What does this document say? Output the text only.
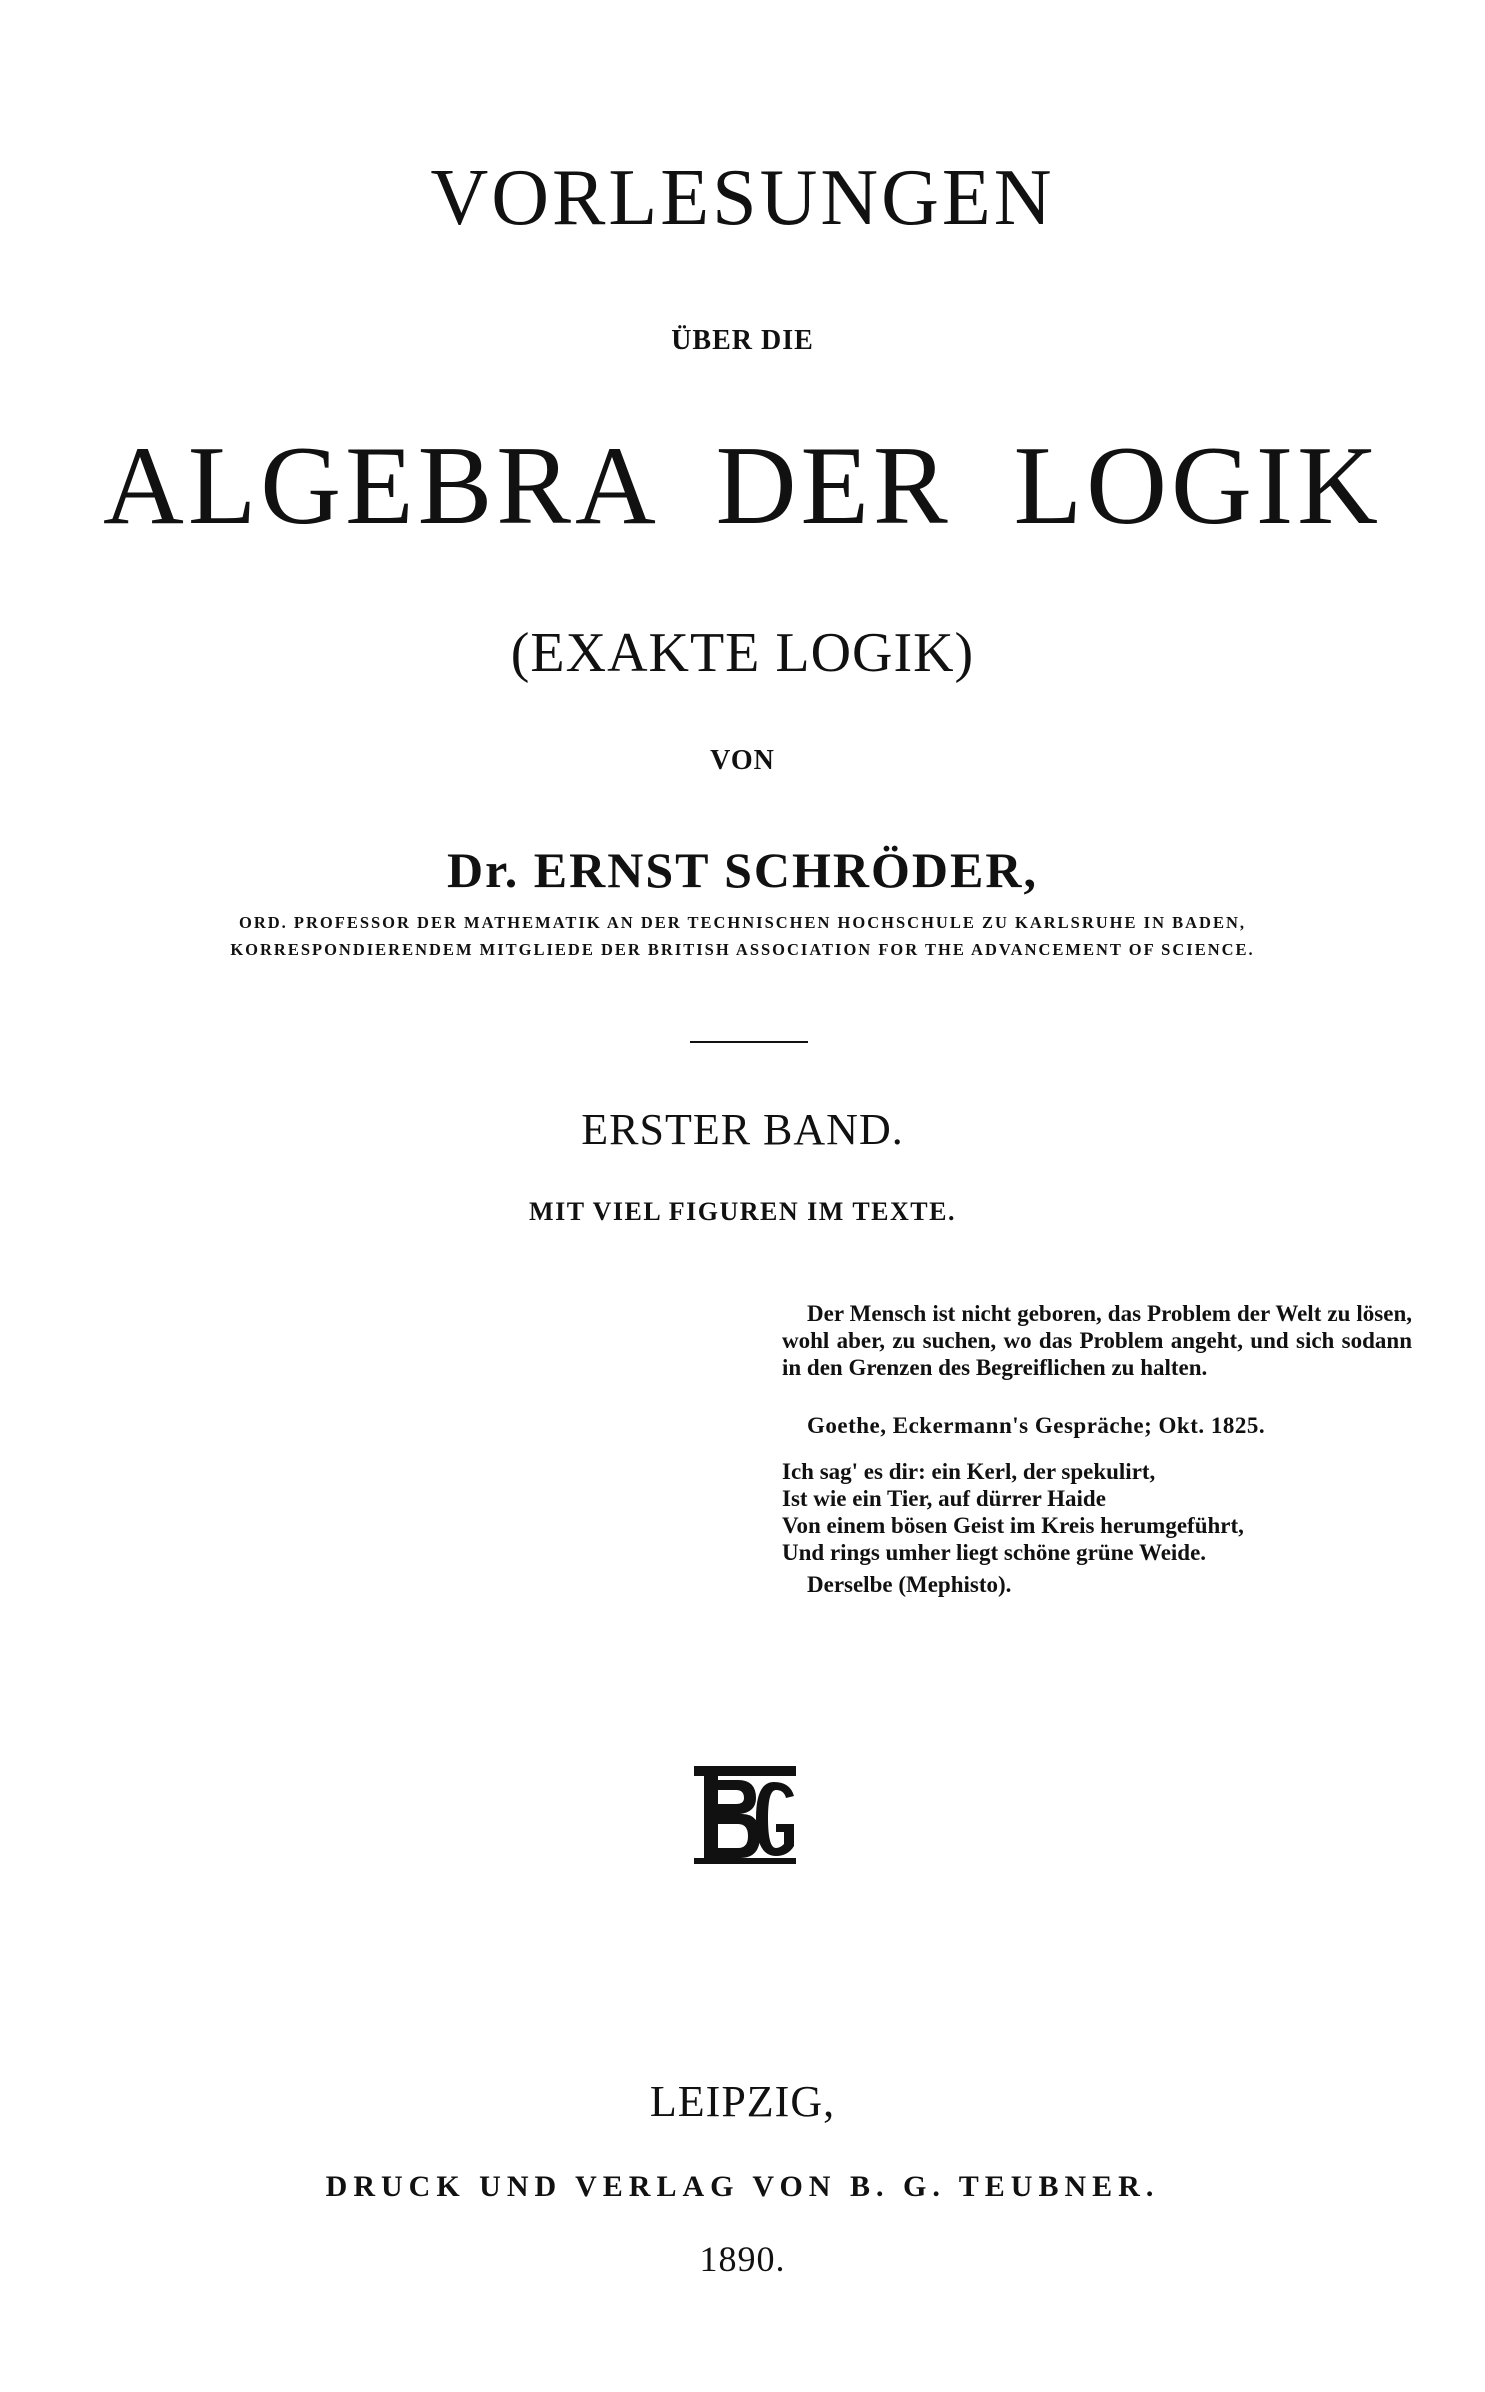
VORLESUNGEN
ÜBER DIE
ALGEBRA DER LOGIK
(EXAKTE LOGIK)
VON
Dr. ERNST SCHRÖDER,
ORD. PROFESSOR DER MATHEMATIK AN DER TECHNISCHEN HOCHSCHULE ZU KARLSRUHE IN BADEN,
KORRESPONDIERENDEM MITGLIEDE DER BRITISH ASSOCIATION FOR THE ADVANCEMENT OF SCIENCE.
ERSTER BAND.
MIT VIEL FIGUREN IM TEXTE.
Der Mensch ist nicht geboren, das Problem der Welt zu lösen, wohl aber, zu suchen, wo das Problem angeht, und sich sodann in den Grenzen des Begreiflichen zu halten.
Goethe, Eckermann's Gespräche; Okt. 1825.
Ich sag' es dir: ein Kerl, der spekulirt,
Ist wie ein Tier, auf dürrer Haide
Von einem bösen Geist im Kreis herumgeführt,
Und rings umher liegt schöne grüne Weide.
Derselbe (Mephisto).
LEIPZIG,
DRUCK UND VERLAG VON B. G. TEUBNER.
1890.
